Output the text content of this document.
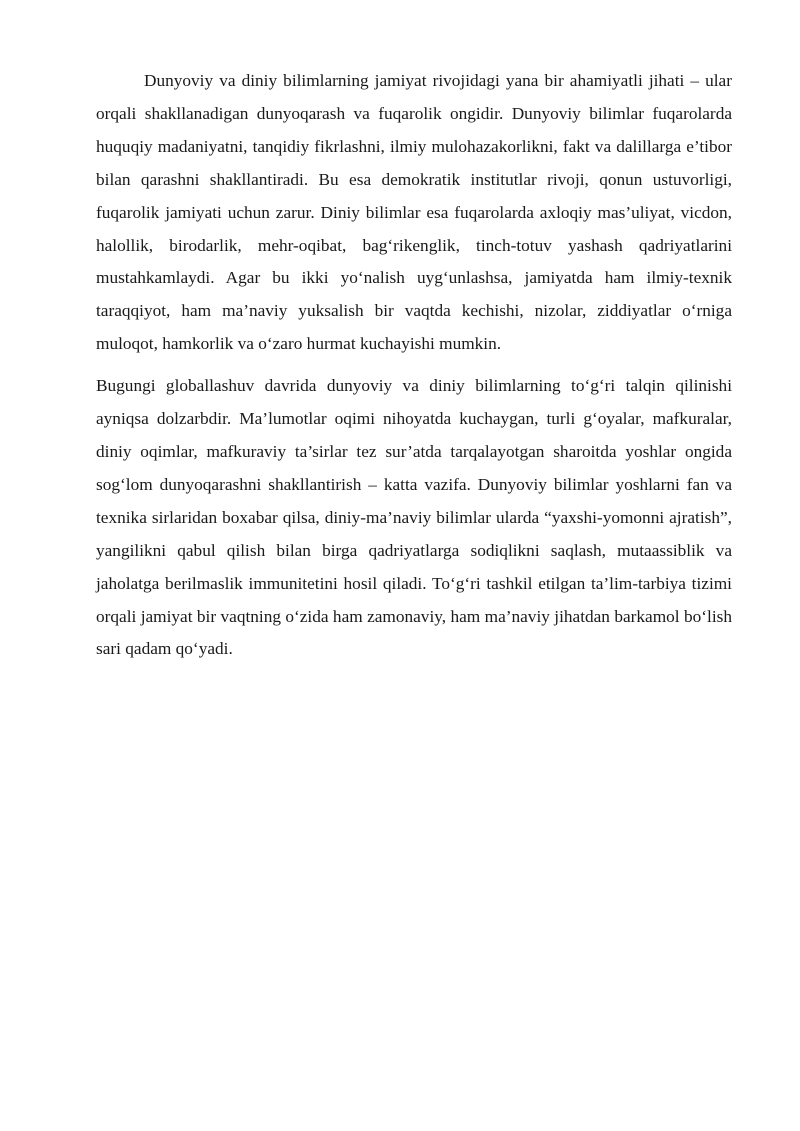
Dunyoviy va diniy bilimlarning jamiyat rivojidagi yana bir ahamiyatli jihati – ular orqali shakllanadigan dunyoqarash va fuqarolik ongidir. Dunyoviy bilimlar fuqarolarda huquqiy madaniyatni, tanqidiy fikrlashni, ilmiy mulohazakorlikni, fakt va dalillarga e’tibor bilan qarashni shakllantiradi. Bu esa demokratik institutlar rivoji, qonun ustuvorligi, fuqarolik jamiyati uchun zarur. Diniy bilimlar esa fuqarolarda axloqiy mas’uliyat, vicdon, halollik, birodarlik, mehr-oqibat, bag‘rikenglik, tinch-totuv yashash qadriyatlarini mustahkamlaydi. Agar bu ikki yo‘nalish uyg‘unlashsa, jamiyatda ham ilmiy-texnik taraqqiyot, ham ma’naviy yuksalish bir vaqtda kechishi, nizolar, ziddiyatlar o‘rniga muloqot, hamkorlik va o‘zaro hurmat kuchayishi mumkin.

Bugungi globallashuv davrida dunyoviy va diniy bilimlarning to‘g‘ri talqin qilinishi ayniqsa dolzarbdir. Ma’lumotlar oqimi nihoyatda kuchaygan, turli g‘oyalar, mafkuralar, diniy oqimlar, mafkuraviy ta’sirlar tez sur’atda tarqalayotgan sharoitda yoshlar ongida sog‘lom dunyoqarashni shakllantirish – katta vazifa. Dunyoviy bilimlar yoshlarni fan va texnika sirlaridan boxabar qilsa, diniy-ma’naviy bilimlar ularda “yaxshi-yomonni ajratish”, yangilikni qabul qilish bilan birga qadriyatlarga sodiqlikni saqlash, mutaassiblik va jaholatga berilmaslik immunitetini hosil qiladi. To‘g‘ri tashkil etilgan ta’lim-tarbiya tizimi orqali jamiyat bir vaqtning o‘zida ham zamonaviy, ham ma’naviy jihatdan barkamol bo‘lish sari qadam qo‘yadi.
